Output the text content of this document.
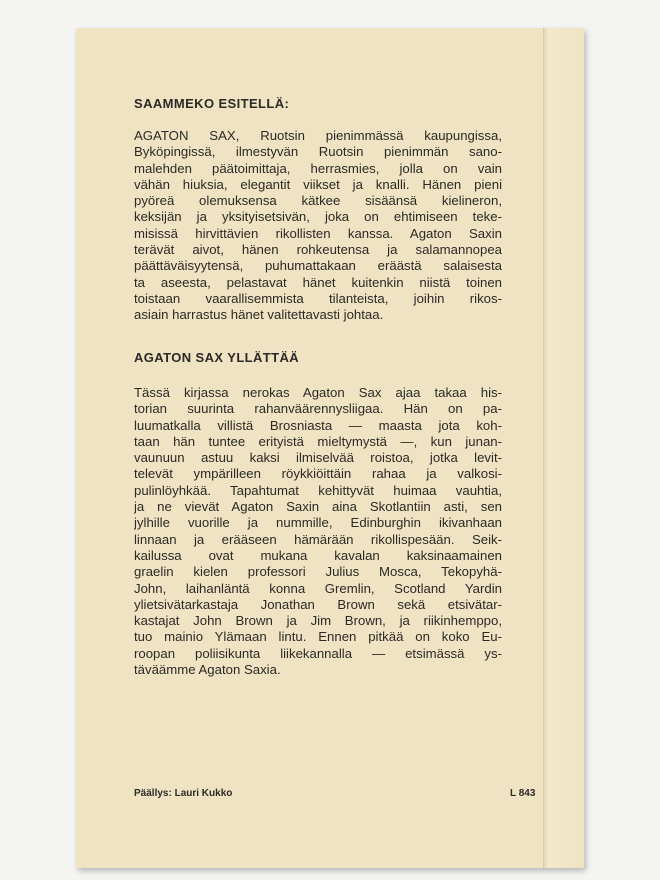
SAAMMEKO ESITELLÄ:
AGATON SAX, Ruotsin pienimmässä kaupungissa,
Byköpingissä, ilmestyvän Ruotsin pienimmän sano-
malehden päätoimittaja, herrasmies, jolla on vain
vähän hiuksia, elegantit viikset ja knalli. Hänen pieni
pyöreä olemuksensa kätkee sisäänsä kielineron,
keksijän ja yksityisetsivän, joka on ehtimiseen teke-
misissä hirvittävien rikollisten kanssa. Agaton Saxin
terävät aivot, hänen rohkeutensa ja salamannopea
päättäväisyytensä, puhumattakaan eräästä salaisesta
ta aseesta, pelastavat hänet kuitenkin niistä toinen
toistaan vaarallisemmista tilanteista, joihin rikos-
asiain harrastus hänet valitettavasti johtaa.
AGATON SAX YLLÄTTÄÄ
Tässä kirjassa nerokas Agaton Sax ajaa takaa his-
torian suurinta rahanväärennysliigaa. Hän on pa-
luumatkalla villistä Brosniasta — maasta jota koh-
taan hän tuntee erityistä mieltymystä —, kun junan-
vaunuun astuu kaksi ilmiselvää roistoa, jotka levit-
televät ympärilleen röykkiöittäin rahaa ja valkosi-
pulinlöyhkää. Tapahtumat kehittyvät huimaa vauhtia,
ja ne vievät Agaton Saxin aina Skotlantiin asti, sen
jylhille vuorille ja nummille, Edinburghin ikivanhaan
linnaan ja erääseen hämärään rikollispesään. Seik-
kailussa ovat mukana kavalan kaksinaamainen
graelin kielen professori Julius Mosca, Tekopyhä-
John, laihanläntä konna Gremlin, Scotland Yardin
ylietsivätarkastaja Jonathan Brown sekä etsivätar-
kastajat John Brown ja Jim Brown, ja riikinhemppo,
tuo mainio Ylämaan lintu. Ennen pitkää on koko Eu-
roopan poliisikunta liikekannalla — etsimässä ys-
täväämme Agaton Saxia.
Päällys: Lauri Kukko	L 843
